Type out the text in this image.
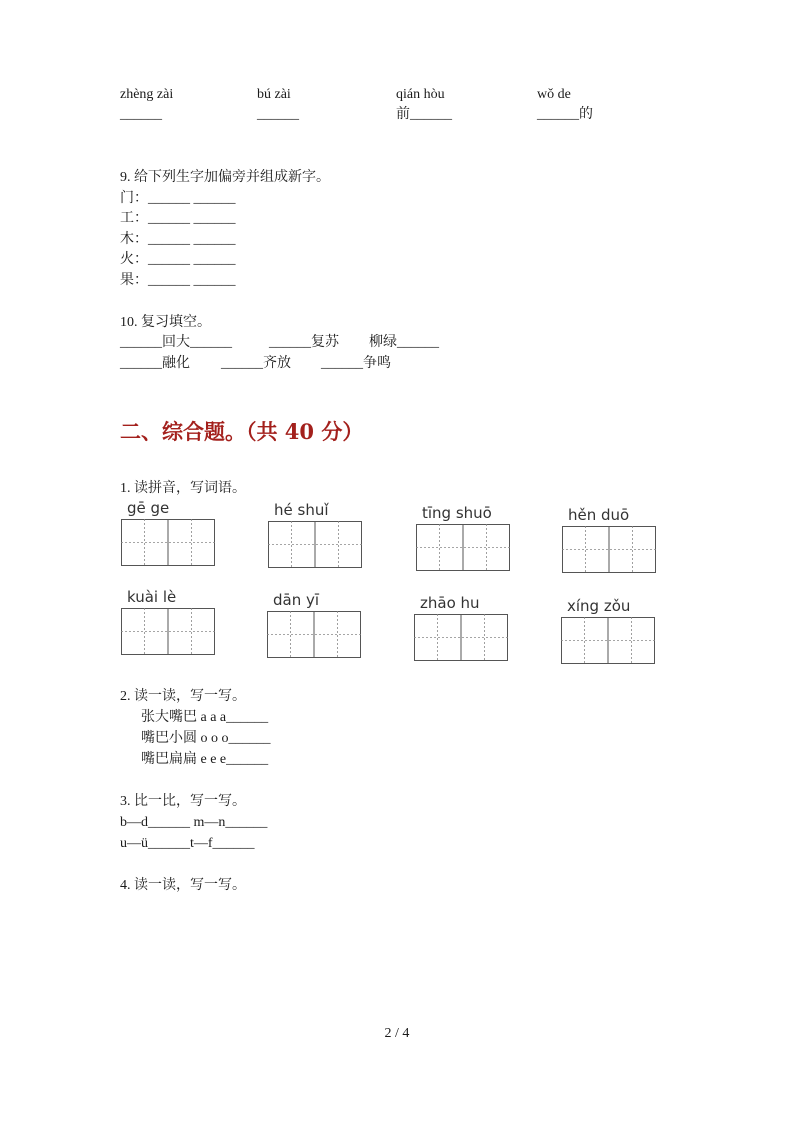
zhèng zài	bú zài	qián hòu	wǒ de
______	______	前______	______的
9. 给下列生字加偏旁并组成新字。
门：______ ______
工：______ ______
木：______ ______
火：______ ______
果：______ ______
10. 复习填空。
______回大______	______复苏 柳绿______
______融化 ______齐放 ______争鸣
二、综合题。（共 40 分）
1. 读拼音，写词语。
gē ge	hé shuǐ	tīng shuō	hěn duō
kuài lè	dān yī	zhāo hu	xíng zǒu
2. 读一读，写一写。
张大嘴巴 a a a______
嘴巴小圆 o o o______
嘴巴扁扁 e e e______
3. 比一比，写一写。
b—d______ m—n______
u—ü______t—f______
4. 读一读，写一写。
2 / 4
